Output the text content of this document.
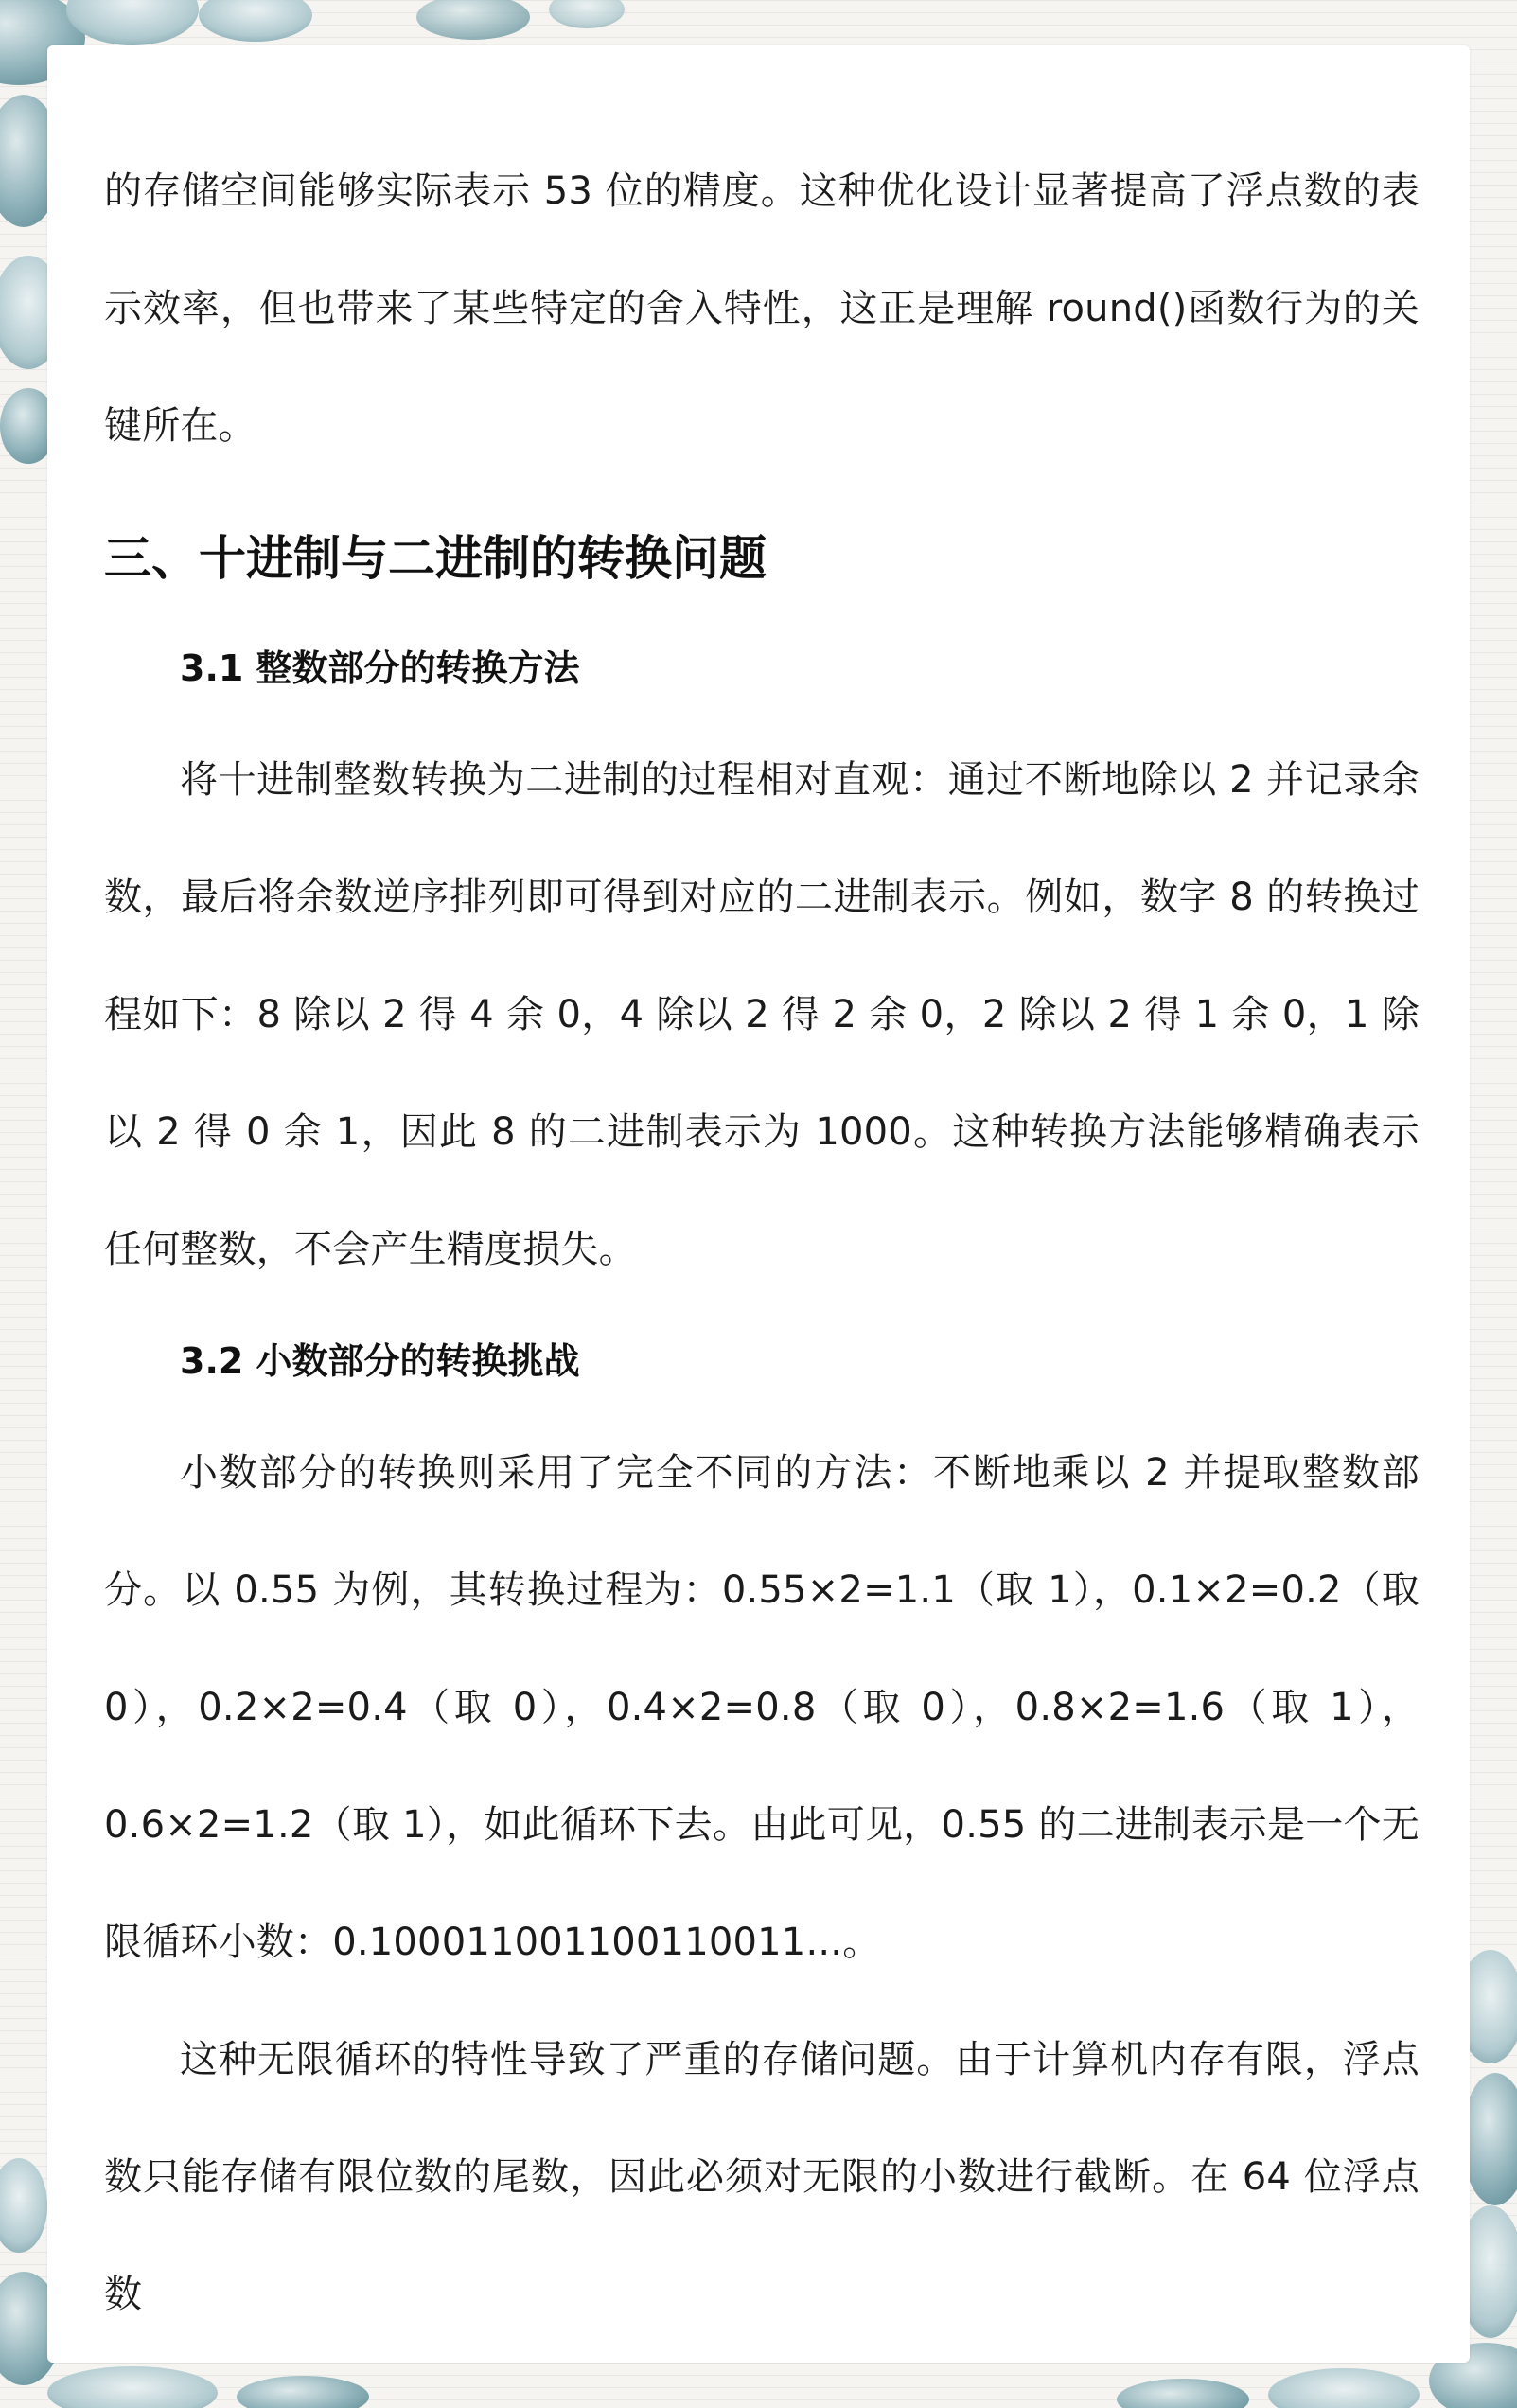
的存储空间能够实际表示 53 位的精度。这种优化设计显著提高了浮点数的表示效率，但也带来了某些特定的舍入特性，这正是理解 round()函数行为的关键所在。

三、十进制与二进制的转换问题
3.1 整数部分的转换方法

将十进制整数转换为二进制的过程相对直观：通过不断地除以 2 并记录余数，最后将余数逆序排列即可得到对应的二进制表示。例如，数字 8 的转换过程如下：8 除以 2 得 4 余 0，4 除以 2 得 2 余 0，2 除以 2 得 1 余 0，1 除以 2 得 0 余 1，因此 8 的二进制表示为 1000。这种转换方法能够精确表示任何整数，不会产生精度损失。

3.2 小数部分的转换挑战

小数部分的转换则采用了完全不同的方法：不断地乘以 2 并提取整数部分。以 0.55 为例，其转换过程为：0.55×2=1.1（取 1），0.1×2=0.2（取 0），0.2×2=0.4（取 0），0.4×2=0.8（取 0），0.8×2=1.6（取 1），0.6×2=1.2（取 1），如此循环下去。由此可见，0.55 的二进制表示是一个无限循环小数：0.100011001100110011...。

这种无限循环的特性导致了严重的存储问题。由于计算机内存有限，浮点数只能存储有限位数的尾数，因此必须对无限的小数进行截断。在 64 位浮点数
